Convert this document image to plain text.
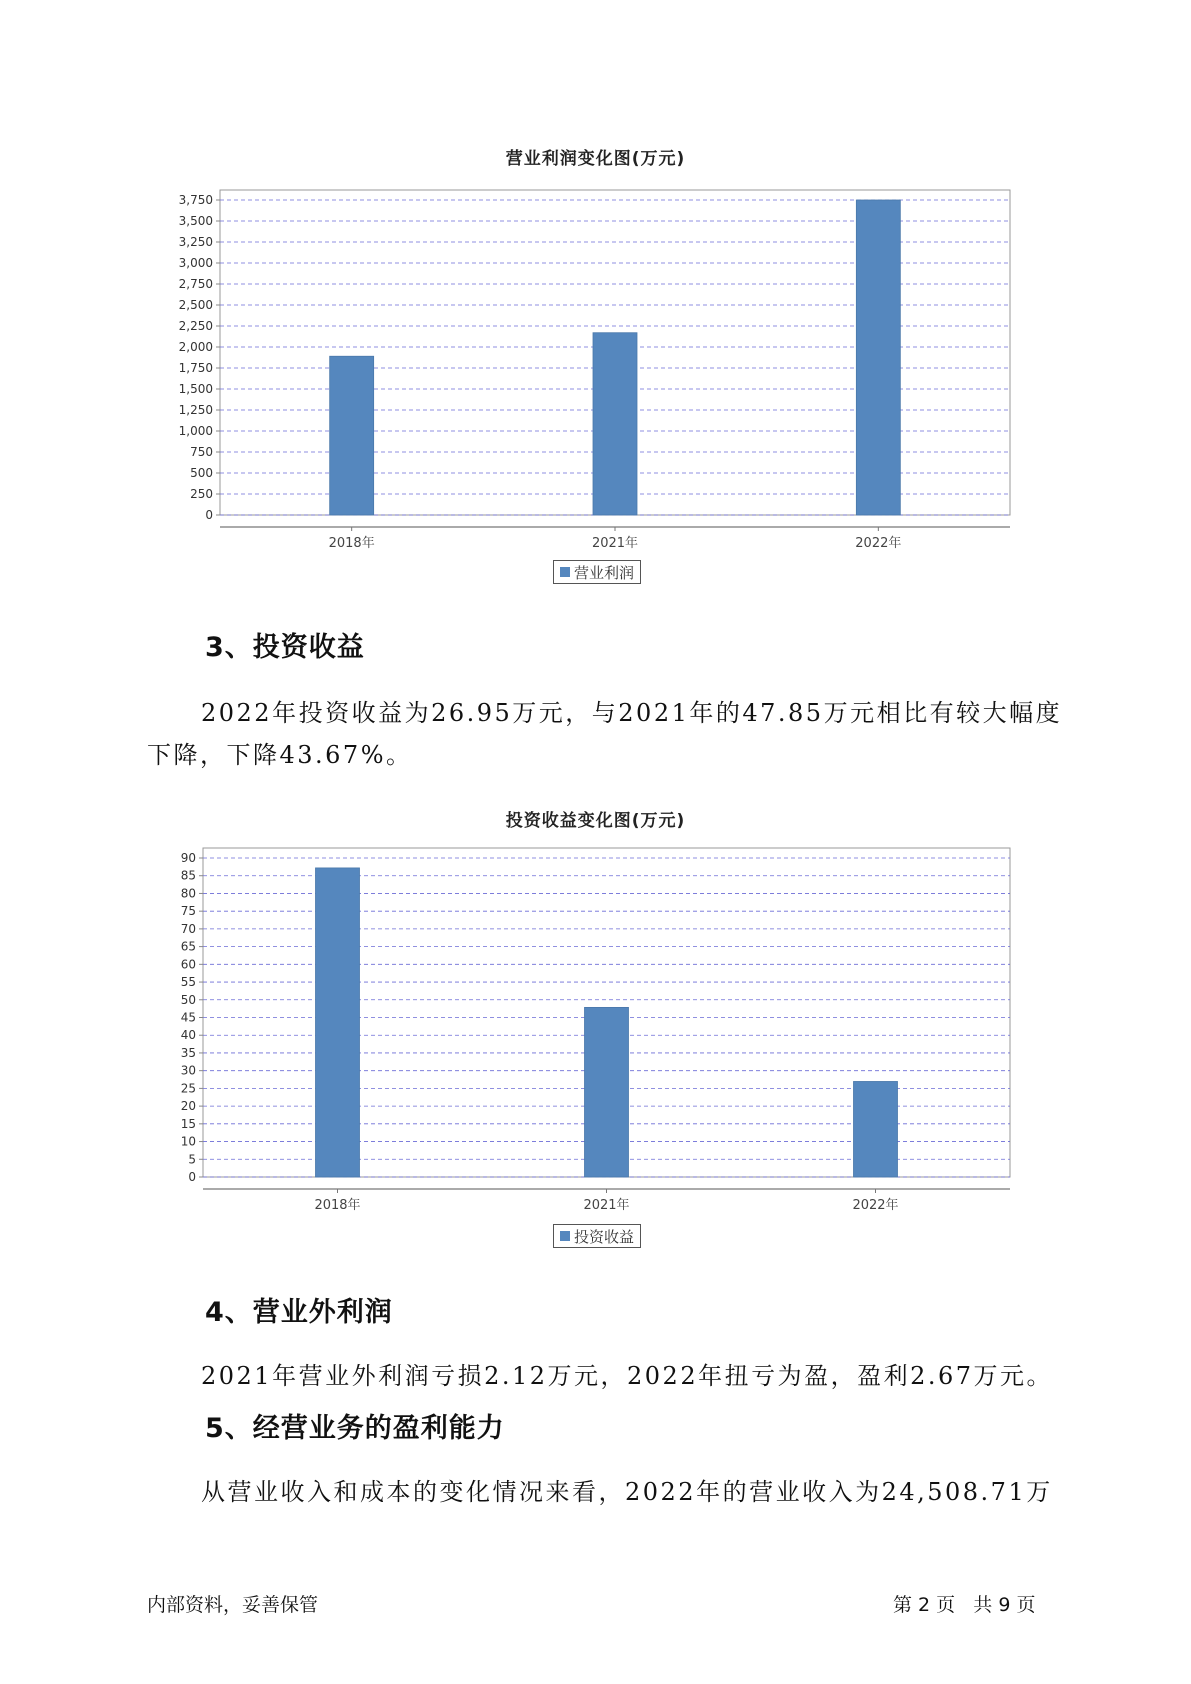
营业利润变化图(万元)
0
250
500
750
1,000
1,250
1,500
1,750
2,000
2,250
2,500
2,750
3,000
3,250
3,500
3,750
2018年	2021年	2022年
营业利润
3、投资收益
2022年投资收益为26.95万元，与2021年的47.85万元相比有较大幅度
下降，下降43.67%。
投资收益变化图(万元)
0
5
10
15
20
25
30
35
40
45
50
55
60
65
70
75
80
85
90
2018年	2021年	2022年
投资收益
4、营业外利润
2021年营业外利润亏损2.12万元，2022年扭亏为盈，盈利2.67万元。
5、经营业务的盈利能力
从营业收入和成本的变化情况来看，2022年的营业收入为24,508.71万
内部资料，妥善保管	第 2 页   共 9 页
